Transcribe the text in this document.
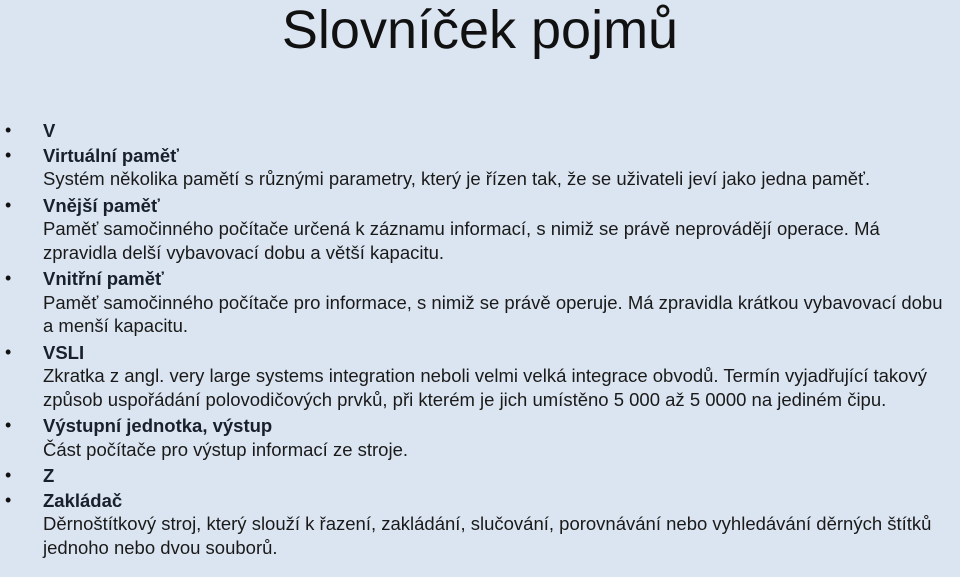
Slovníček pojmů
• V
• Virtuální paměť
Systém několika pamětí s různými parametry, který je řízen tak, že se uživateli jeví jako jedna paměť.
• Vnější paměť
Paměť samočinného počítače určená k záznamu informací, s nimiž se právě neprovádějí operace. Má zpravidla delší vybavovací dobu a větší kapacitu.
• Vnitřní paměť
Paměť samočinného počítače pro informace, s nimiž se právě operuje. Má zpravidla krátkou vybavovací dobu a menší kapacitu.
• VSLI
Zkratka z angl. very large systems integration neboli velmi velká integrace obvodů. Termín vyjadřující takový způsob uspořádání polovodičových prvků, při kterém je jich umístěno 5 000 až 5 0000 na jediném čipu.
• Výstupní jednotka, výstup
Část počítače pro výstup informací ze stroje.
• Z
• Zakládač
Děrnoštítkový stroj, který slouží k řazení, zakládání, slučování, porovnávání nebo vyhledávání děrných štítků jednoho nebo dvou souborů.
